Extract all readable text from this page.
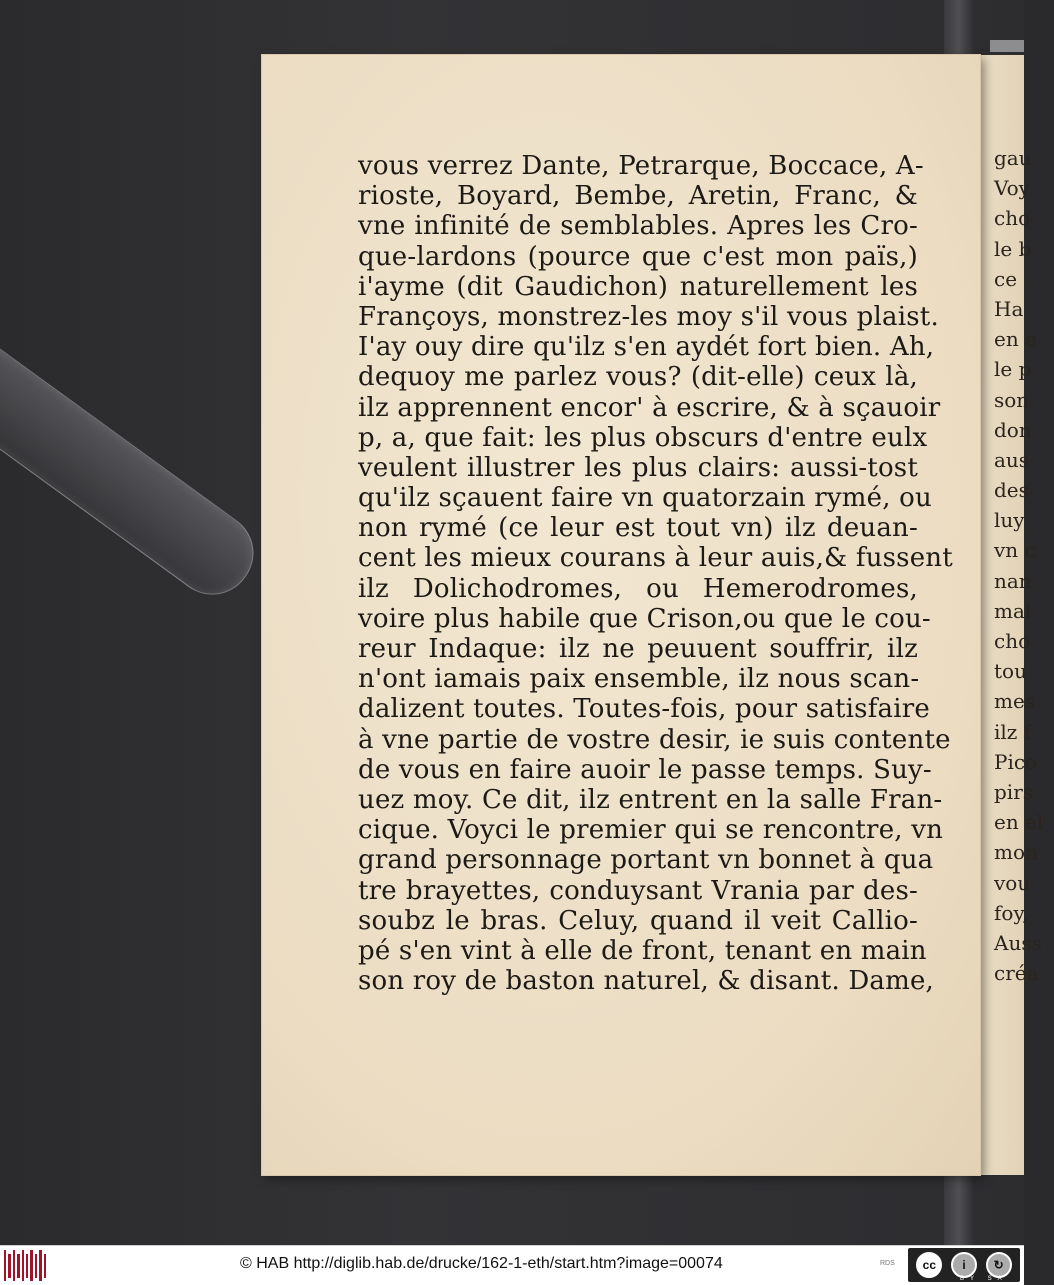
gau
Voy
cho
le b
ce
Ha
en e
le p
son
don
aus
des
luy
vn c
nan
mal
cho
tou
mes
ilz f
Pico
pirs
en el
mon
vou
foy,
Auss
créa
vous verrez Dante, Petrarque, Boccace, A-
rioste, Boyard, Bembe, Aretin, Franc, &
vne infinité de semblables. Apres les Cro-
que-lardons (pource que c'est mon païs,)
i'ayme (dit Gaudichon) naturellement les
Françoys, monstrez-les moy s'il vous plaist.
I'ay ouy dire qu'ilz s'en aydét fort bien. Ah,
dequoy me parlez vous? (dit-elle) ceux là,
ilz apprennent encor' à escrire, & à sçauoir
p, a, que fait: les plus obscurs d'entre eulx
veulent illustrer les plus clairs: aussi-tost
qu'ilz sçauent faire vn quatorzain rymé, ou
non rymé (ce leur est tout vn) ilz deuan-
cent les mieux courans à leur auis,& fussent
ilz Dolichodromes, ou Hemerodromes,
voire plus habile que Crison,ou que le cou-
reur Indaque: ilz ne peuuent souffrir, ilz
n'ont iamais paix ensemble, ilz nous scan-
dalizent toutes. Toutes-fois, pour satisfaire
à vne partie de vostre desir, ie suis contente
de vous en faire auoir le passe temps. Suy-
uez moy. Ce dit, ilz entrent en la salle Fran-
cique. Voyci le premier qui se rencontre, vn
grand personnage portant vn bonnet à qua
tre brayettes, conduysant Vrania par des-
soubz le bras. Celuy, quand il veit Callio-
pé s'en vint à elle de front, tenant en main
son roy de baston naturel, & disant. Dame,
© HAB http://diglib.hab.de/drucke/162-1-eth/start.htm?image=00074	RDS	cc	i	↻
BY SA
